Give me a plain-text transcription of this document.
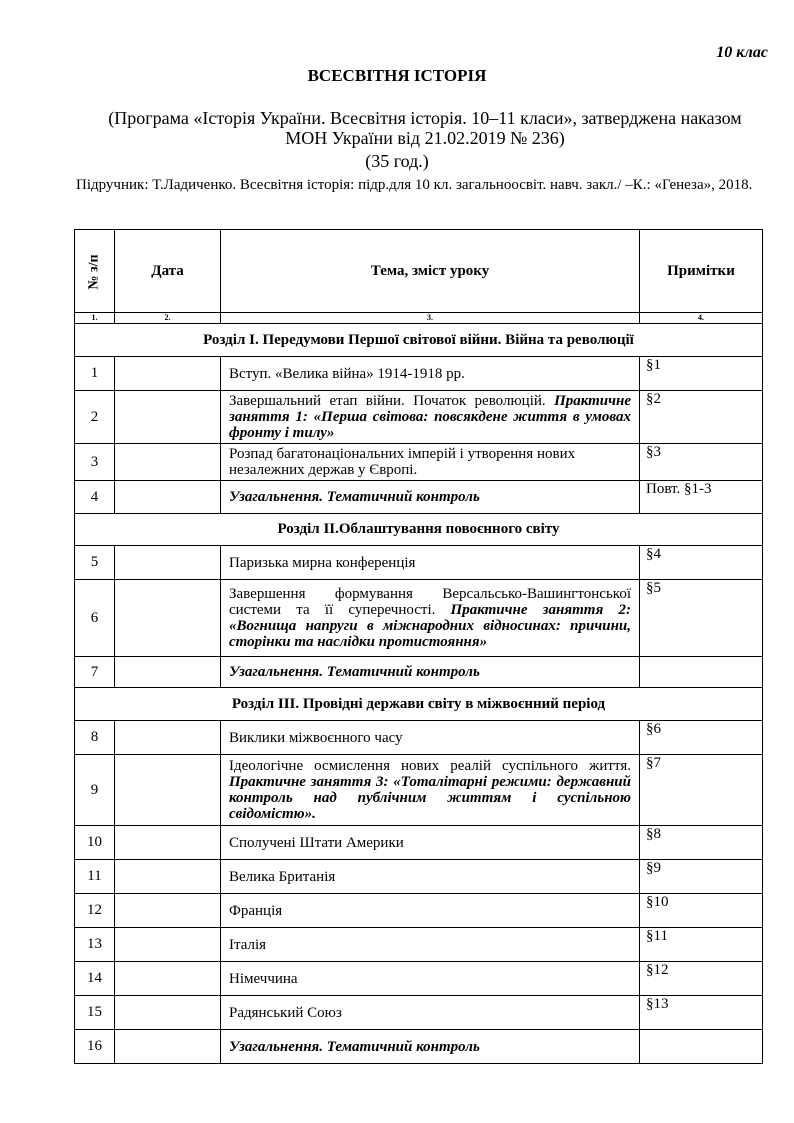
10 клас
ВСЕСВІТНЯ ІСТОРІЯ
(Програма «Історія України. Всесвітня історія. 10–11 класи», затверджена наказом
МОН України від 21.02.2019 № 236)
(35 год.)
Підручник: Т.Ладиченко. Всесвітня історія: підр.для 10 кл. загальноосвіт. навч. закл./ –К.: «Генеза», 2018.
№ з/п	Дата	Тема, зміст уроку	Примітки
1.	2.	3.	4.
Розділ І. Передумови Першої світової війни. Війна та революції			
1		Вступ. «Велика війна» 1914-1918 рр.	§1
2		Завершальний етап війни. Початок революцій. Практичне заняття 1: «Перша світова: повсякдене життя в умовах фронту і тилу»	§2
3		Розпад багатонаціональних імперій і утворення нових незалежних держав у Європі.	§3
4		Узагальнення. Тематичний контроль	Повт. §1-3
Розділ ІІ.Облаштування повоєнного світу			
5		Паризька мирна конференція	§4
6		Завершення формування Версальсько-Вашингтонської системи та її суперечності. Практичне заняття 2: «Вогнища напруги в міжнародних відносинах: причини, сторінки та наслідки протистояння»	§5
7		Узагальнення. Тематичний контроль	
Розділ ІІІ. Провідні держави світу в міжвоєнний період			
8		Виклики міжвоєнного часу	§6
9		Ідеологічне осмислення нових реалій суспільного життя. Практичне заняття 3: «Тоталітарні режими: державний контроль над публічним життям і суспільною свідомістю».	§7
10		Сполучені Штати Америки	§8
11		Велика Британія	§9
12		Франція	§10
13		Італія	§11
14		Німеччина	§12
15		Радянський Союз	§13
16		Узагальнення. Тематичний контроль	
